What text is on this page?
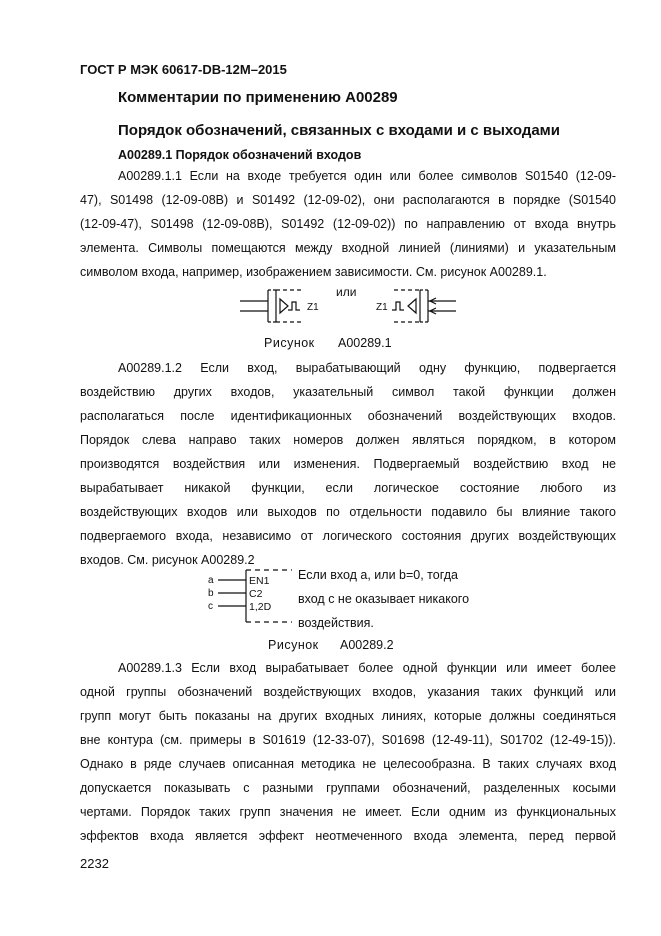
ГОСТ Р МЭК 60617-DB-12M–2015
Комментарии по применению А00289
Порядок обозначений, связанных с входами и с выходами
А00289.1 Порядок обозначений входов
А00289.1.1 Если на входе требуется один или более символов S01540 (12-09-
47), S01498 (12-09-08В) и S01492 (12-09-02), они располагаются в порядке (S01540
(12-09-47), S01498 (12-09-08В), S01492 (12-09-02)) по направлению от входа внутрь
элемента. Символы помещаются между входной линией (линиями) и указательным
символом входа, например, изображением зависимости. См. рисунок А00289.1.
Z1
или
Z1
Рисунок А00289.1
А00289.1.2 Если вход, вырабатывающий одну функцию, подвергается
воздействию других входов, указательный символ такой функции должен
располагаться после идентификационных обозначений воздействующих входов.
Порядок слева направо таких номеров должен являться порядком, в котором
производятся воздействия или изменения. Подвергаемый воздействию вход не
вырабатывает никакой функции, если логическое состояние любого из
воздействующих входов или выходов по отдельности подавило бы влияние такого
подвергаемого входа, независимо от логического состояния других воздействующих
входов. См. рисунок А00289.2
a
b
c
EN1
C2
1,2D
Если вход a, или b=0, тогда
вход с не оказывает никакого
воздействия.
Рисунок А00289.2
А00289.1.3 Если вход вырабатывает более одной функции или имеет более
одной группы обозначений воздействующих входов, указания таких функций или
групп могут быть показаны на других входных линиях, которые должны соединяться
вне контура (см. примеры в S01619 (12-33-07), S01698 (12-49-11), S01702 (12-49-15)).
Однако в ряде случаев описанная методика не целесообразна. В таких случаях вход
допускается показывать с разными группами обозначений, разделенных косыми
чертами. Порядок таких групп значения не имеет. Если одним из функциональных
эффектов входа является эффект неотмеченного входа элемента, перед первой
2232
